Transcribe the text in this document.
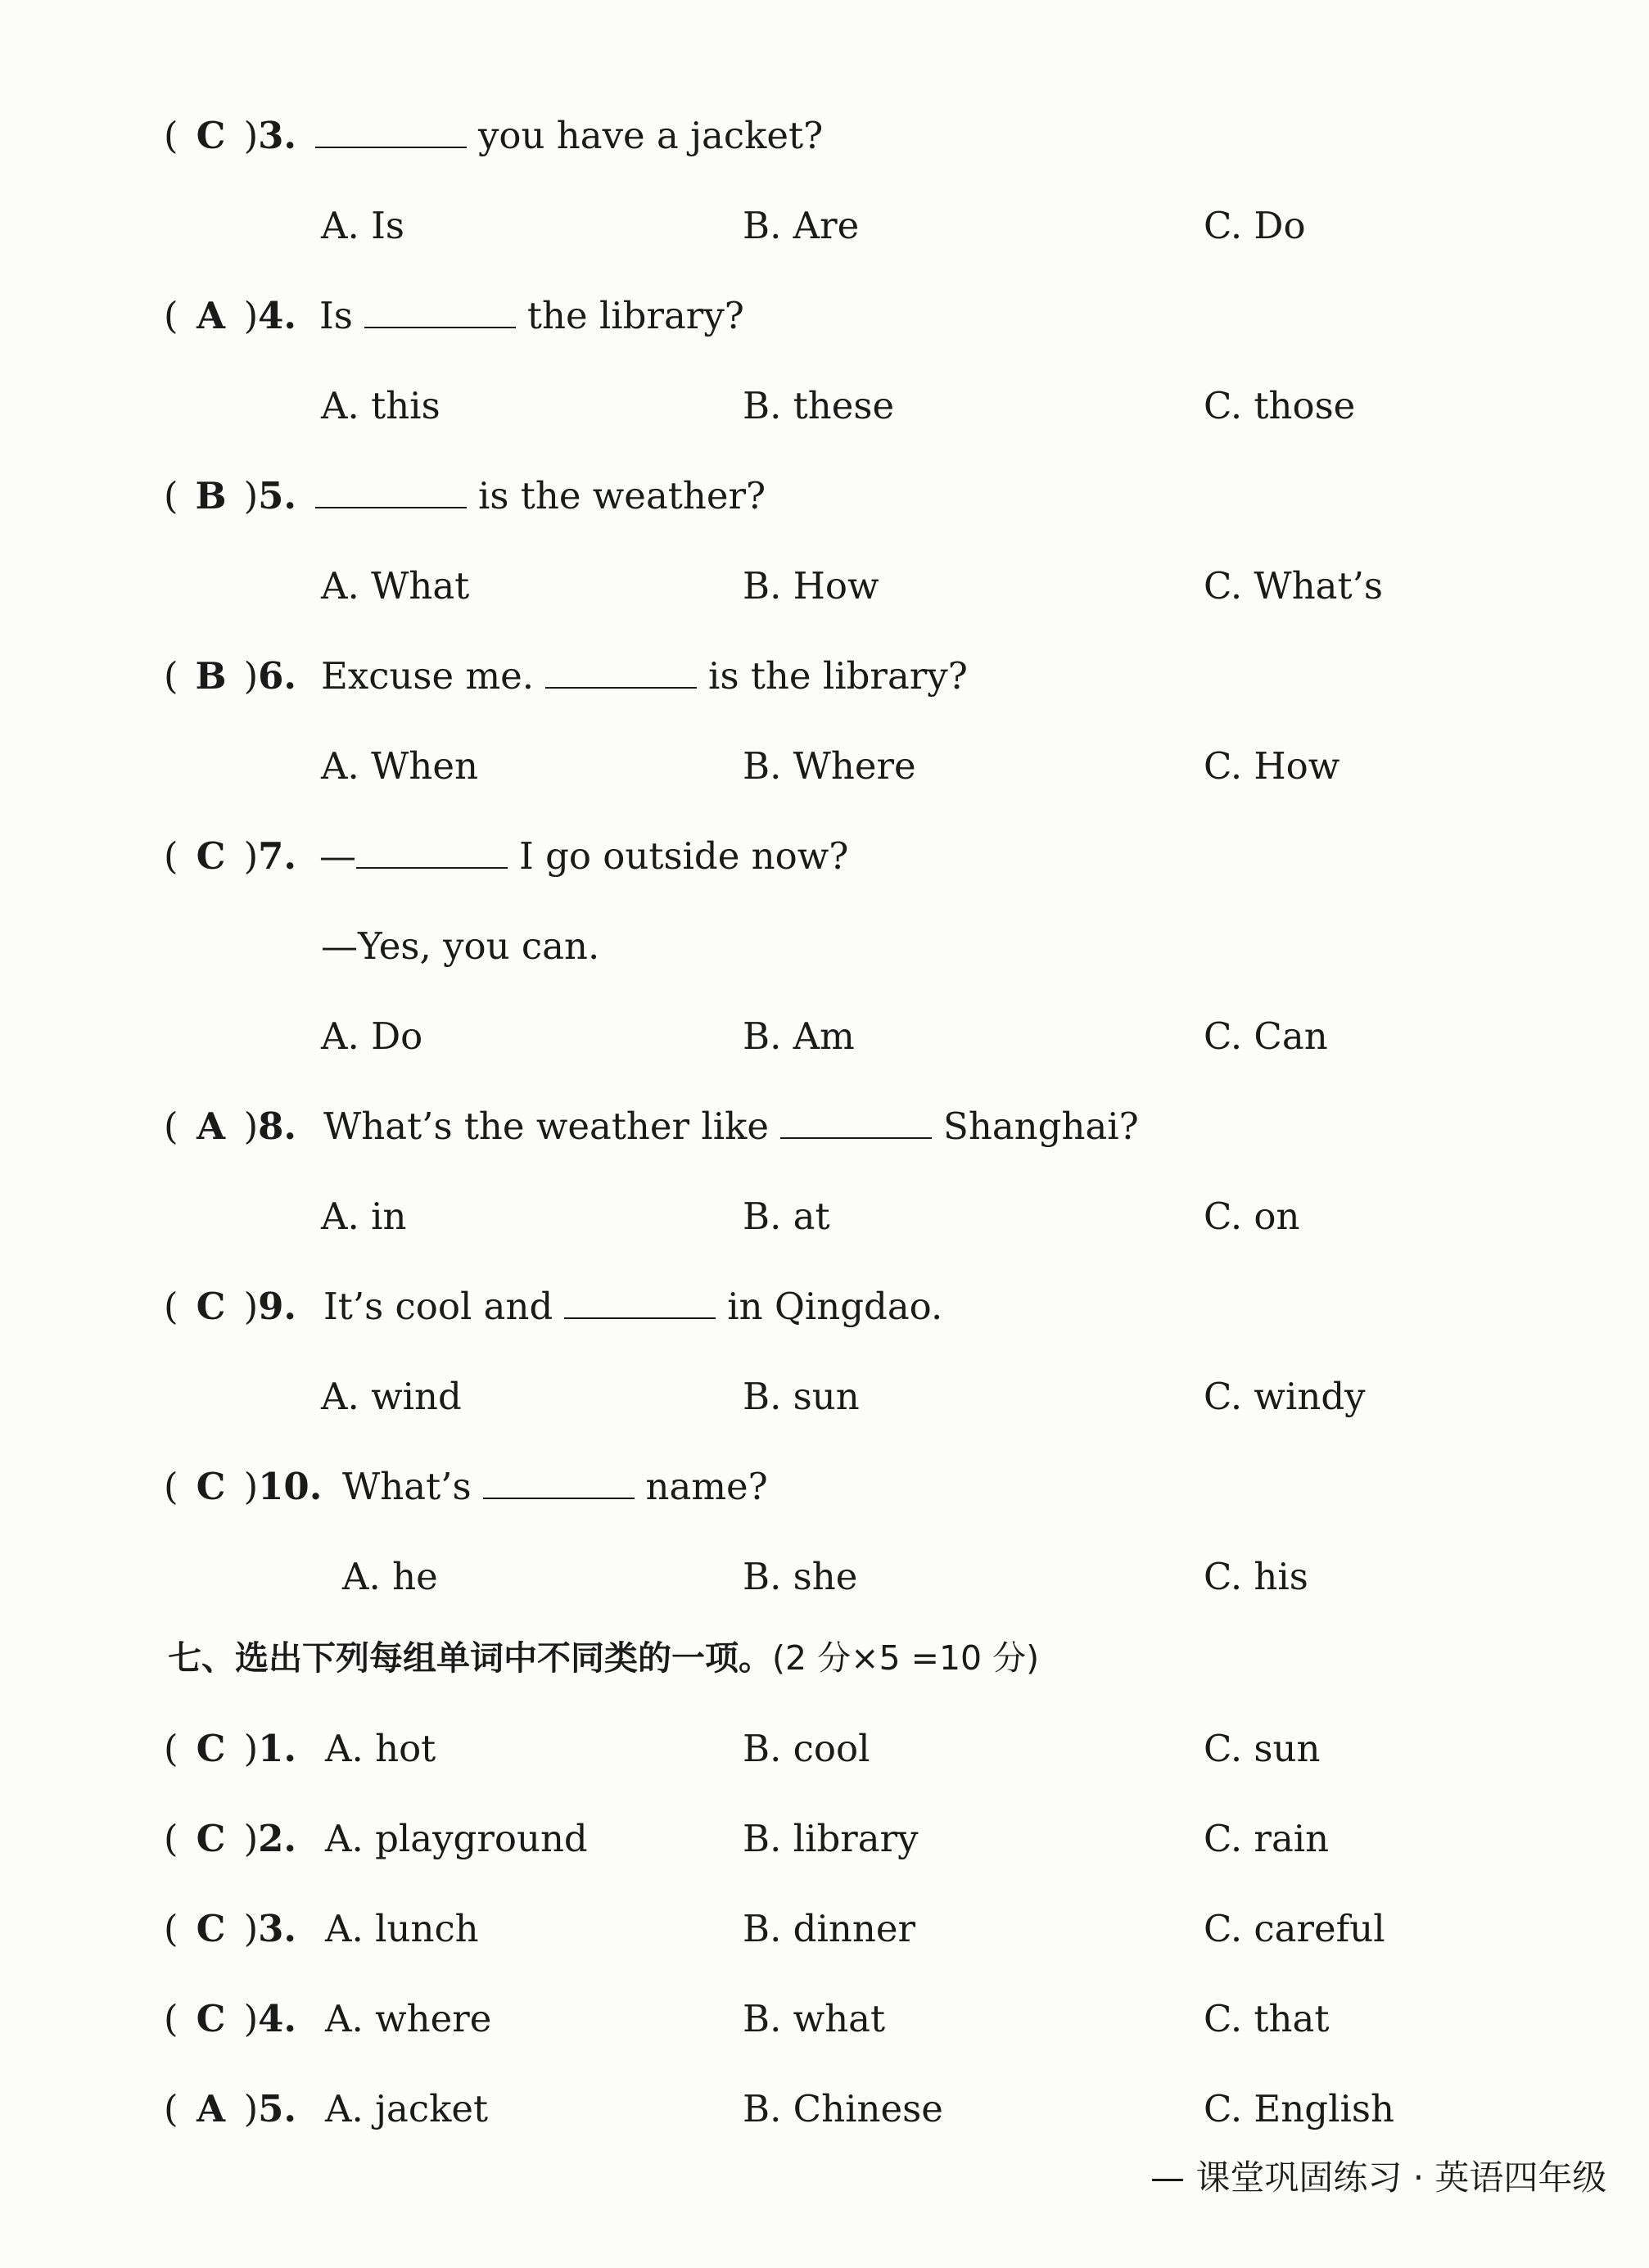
( C )3.	you have a jacket?
A. Is	B. Are	C. Do
( A )4. Is	the library?
A. this	B. these	C. those
( B )5.	is the weather?
A. What	B. How	C. What’s
( B )6. Excuse me.	is the library?
A. When	B. Where	C. How
( C )7. —	I go outside now?
—Yes, you can.
A. Do	B. Am	C. Can
( A )8. What’s the weather like	Shanghai?
A. in	B. at	C. on
( C )9. It’s cool and	in Qingdao.
A. wind	B. sun	C. windy
( C )10. What’s	name?
A. he	B. she	C. his
七、选出下列每组单词中不同类的一项。(2 分×5 =10 分)
( C )1. A. hot	B. cool	C. sun
( C )2. A. playground	B. library	C. rain
( C )3. A. lunch	B. dinner	C. careful
( C )4. A. where	B. what	C. that
( A )5. A. jacket	B. Chinese	C. English
— 课堂巩固练习 · 英语四年级
